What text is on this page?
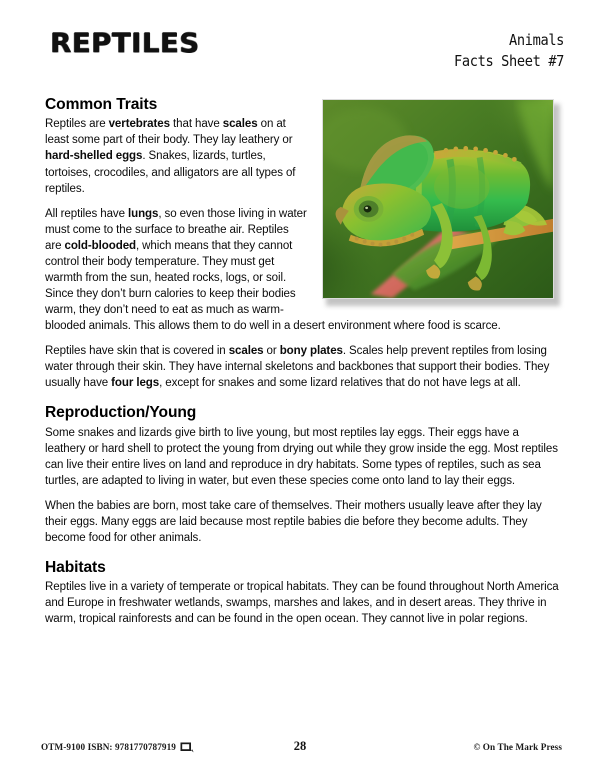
REPTILES	Animals
Facts Sheet #7
Common Traits

Reptiles are vertebrates that have scales on at least some part of their body. They lay leathery or hard-shelled eggs. Snakes, lizards, turtles, tortoises, crocodiles, and alligators are all types of reptiles.

All reptiles have lungs, so even those living in water must come to the surface to breathe air. Reptiles are cold-blooded, which means that they cannot control their body temperature. They must get warmth from the sun, heated rocks, logs, or soil. Since they don’t burn calories to keep their bodies warm, they don’t need to eat as much as warm-blooded animals. This allows them to do well in a desert environment where food is scarce.

Reptiles have skin that is covered in scales or bony plates. Scales help prevent reptiles from losing water through their skin. They have internal skeletons and backbones that support their bodies. They usually have four legs, except for snakes and some lizard relatives that do not have legs at all.

Reproduction/Young

Some snakes and lizards give birth to live young, but most reptiles lay eggs. Their eggs have a leathery or hard shell to protect the young from drying out while they grow inside the egg. Most reptiles can live their entire lives on land and reproduce in dry habitats. Some types of reptiles, such as sea turtles, are adapted to living in water, but even these species come onto land to lay their eggs.

When the babies are born, most take care of themselves. Their mothers usually leave after they lay their eggs. Many eggs are laid because most reptile babies die before they become adults. They become food for other animals.

Habitats

Reptiles live in a variety of temperate or tropical habitats. They can be found throughout North America and Europe in freshwater wetlands, swamps, marshes and lakes, and in desert areas. They thrive in warm, tropical rainforests and can be found in the open ocean. They cannot live in polar regions.

OTM-9100 ISBN: 9781770787919	28	© On The Mark Press
